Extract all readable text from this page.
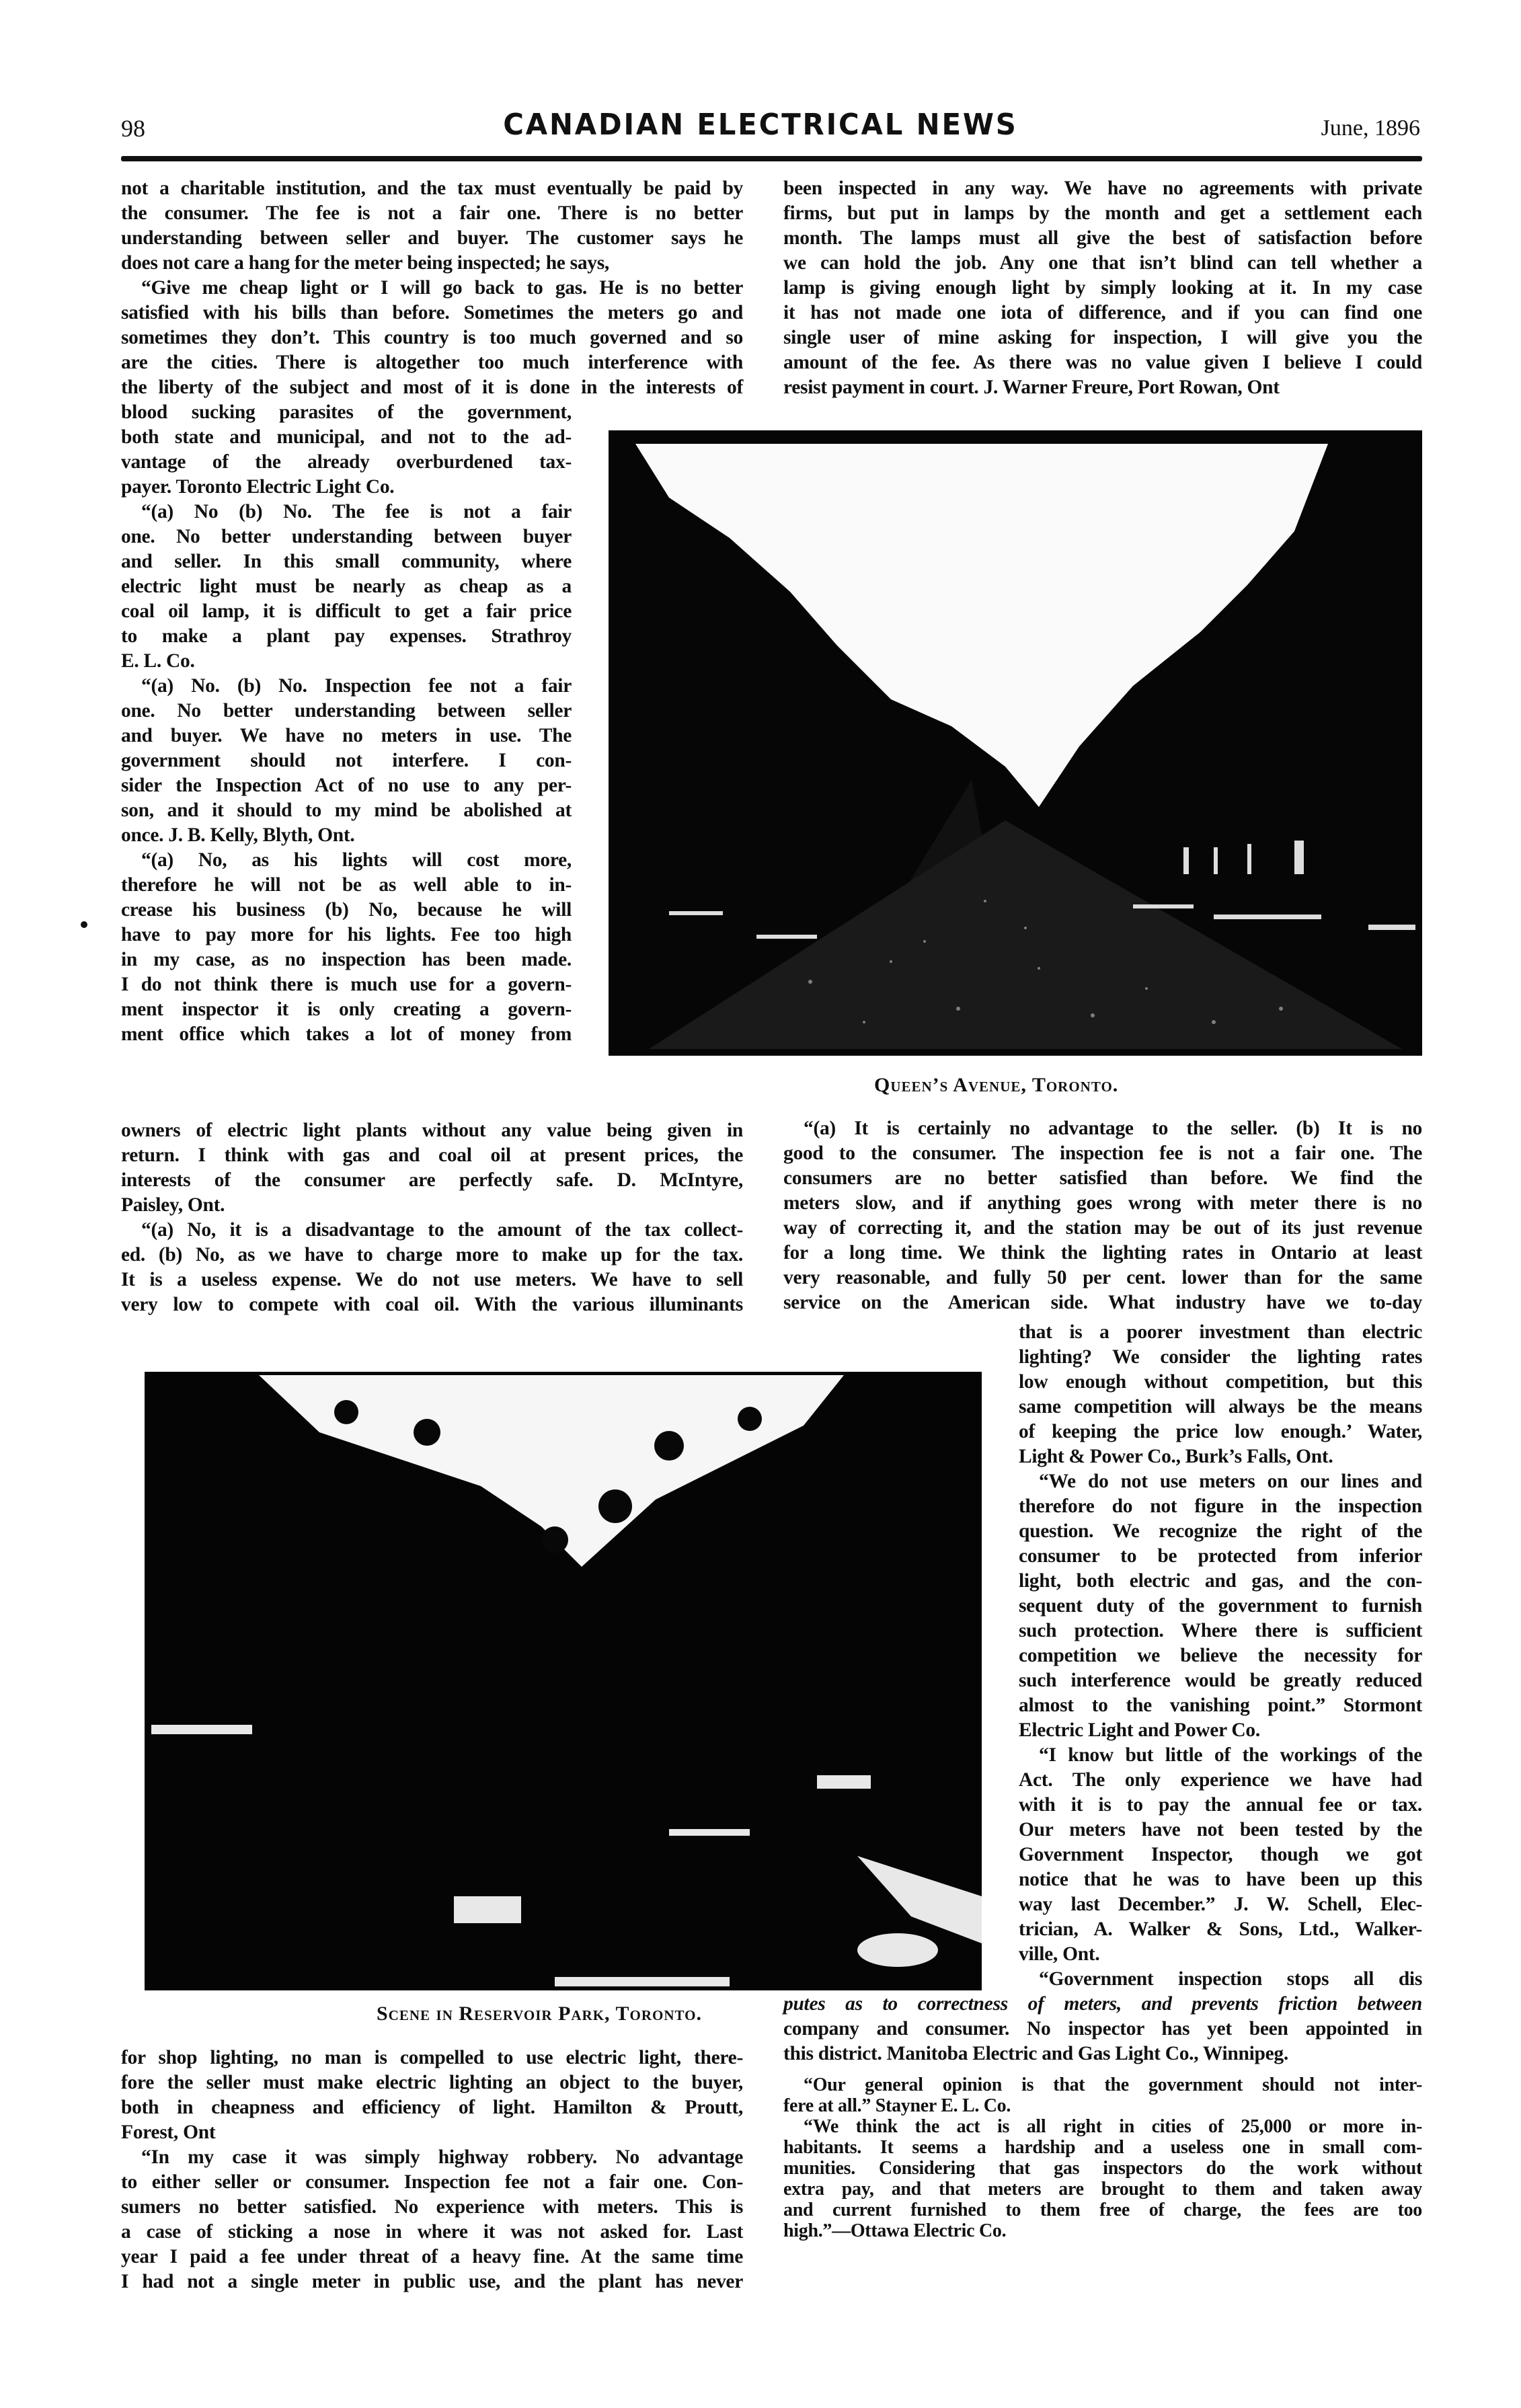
98	CANADIAN ELECTRICAL NEWS	June, 1896
not a charitable institution, and the tax must eventually be paid by
the consumer. The fee is not a fair one. There is no better
understanding between seller and buyer. The customer says he
does not care a hang for the meter being inspected; he says,
“Give me cheap light or I will go back to gas. He is no better
satisfied with his bills than before. Sometimes the meters go and
sometimes they don’t. This country is too much governed and so
are the cities. There is altogether too much interference with
the liberty of the subject and most of it is done in the interests of
blood sucking parasites of the government,
both state and municipal, and not to the ad-
vantage of the already overburdened tax-
payer. Toronto Electric Light Co.
“(a) No (b) No. The fee is not a fair
one. No better understanding between buyer
and seller. In this small community, where
electric light must be nearly as cheap as a
coal oil lamp, it is difficult to get a fair price
to make a plant pay expenses. Strathroy
E. L. Co.
“(a) No. (b) No. Inspection fee not a fair
one. No better understanding between seller
and buyer. We have no meters in use. The
government should not interfere. I con-
sider the Inspection Act of no use to any per-
son, and it should to my mind be abolished at
once. J. B. Kelly, Blyth, Ont.
“(a) No, as his lights will cost more,
therefore he will not be as well able to in-
crease his business (b) No, because he will
have to pay more for his lights. Fee too high
in my case, as no inspection has been made.
I do not think there is much use for a govern-
ment inspector it is only creating a govern-
ment office which takes a lot of money from
owners of electric light plants without any value being given in
return. I think with gas and coal oil at present prices, the
interests of the consumer are perfectly safe. D. McIntyre,
Paisley, Ont.
“(a) No, it is a disadvantage to the amount of the tax collect-
ed. (b) No, as we have to charge more to make up for the tax.
It is a useless expense. We do not use meters. We have to sell
very low to compete with coal oil. With the various illuminants
been inspected in any way. We have no agreements with private
firms, but put in lamps by the month and get a settlement each
month. The lamps must all give the best of satisfaction before
we can hold the job. Any one that isn’t blind can tell whether a
lamp is giving enough light by simply looking at it. In my case
it has not made one iota of difference, and if you can find one
single user of mine asking for inspection, I will give you the
amount of the fee. As there was no value given I believe I could
resist payment in court. J. Warner Freure, Port Rowan, Ont
Queen’s Avenue, Toronto.
“(a) It is certainly no advantage to the seller. (b) It is no
good to the consumer. The inspection fee is not a fair one. The
consumers are no better satisfied than before. We find the
meters slow, and if anything goes wrong with meter there is no
way of correcting it, and the station may be out of its just revenue
for a long time. We think the lighting rates in Ontario at least
very reasonable, and fully 50 per cent. lower than for the same
service on the American side. What industry have we to-day
that is a poorer investment than electric
lighting? We consider the lighting rates
low enough without competition, but this
same competition will always be the means
of keeping the price low enough.’ Water,
Light & Power Co., Burk’s Falls, Ont.
“We do not use meters on our lines and
therefore do not figure in the inspection
question. We recognize the right of the
consumer to be protected from inferior
light, both electric and gas, and the con-
sequent duty of the government to furnish
such protection. Where there is sufficient
competition we believe the necessity for
such interference would be greatly reduced
almost to the vanishing point.” Stormont
Electric Light and Power Co.
“I know but little of the workings of the
Act. The only experience we have had
with it is to pay the annual fee or tax.
Our meters have not been tested by the
Government Inspector, though we got
notice that he was to have been up this
way last December.” J. W. Schell, Elec-
trician, A. Walker & Sons, Ltd., Walker-
ville, Ont.
“Government inspection stops all dis
Scene in Reservoir Park, Toronto.
for shop lighting, no man is compelled to use electric light, there-
fore the seller must make electric lighting an object to the buyer,
both in cheapness and efficiency of light. Hamilton & Proutt,
Forest, Ont
“In my case it was simply highway robbery. No advantage
to either seller or consumer. Inspection fee not a fair one. Con-
sumers no better satisfied. No experience with meters. This is
a case of sticking a nose in where it was not asked for. Last
year I paid a fee under threat of a heavy fine. At the same time
I had not a single meter in public use, and the plant has never
putes as to correctness of meters, and prevents friction between
company and consumer. No inspector has yet been appointed in
this district. Manitoba Electric and Gas Light Co., Winnipeg.
“Our general opinion is that the government should not inter-
fere at all.” Stayner E. L. Co.
“We think the act is all right in cities of 25,000 or more in-
habitants. It seems a hardship and a useless one in small com-
munities. Considering that gas inspectors do the work without
extra pay, and that meters are brought to them and taken away
and current furnished to them free of charge, the fees are too
high.”—Ottawa Electric Co.
